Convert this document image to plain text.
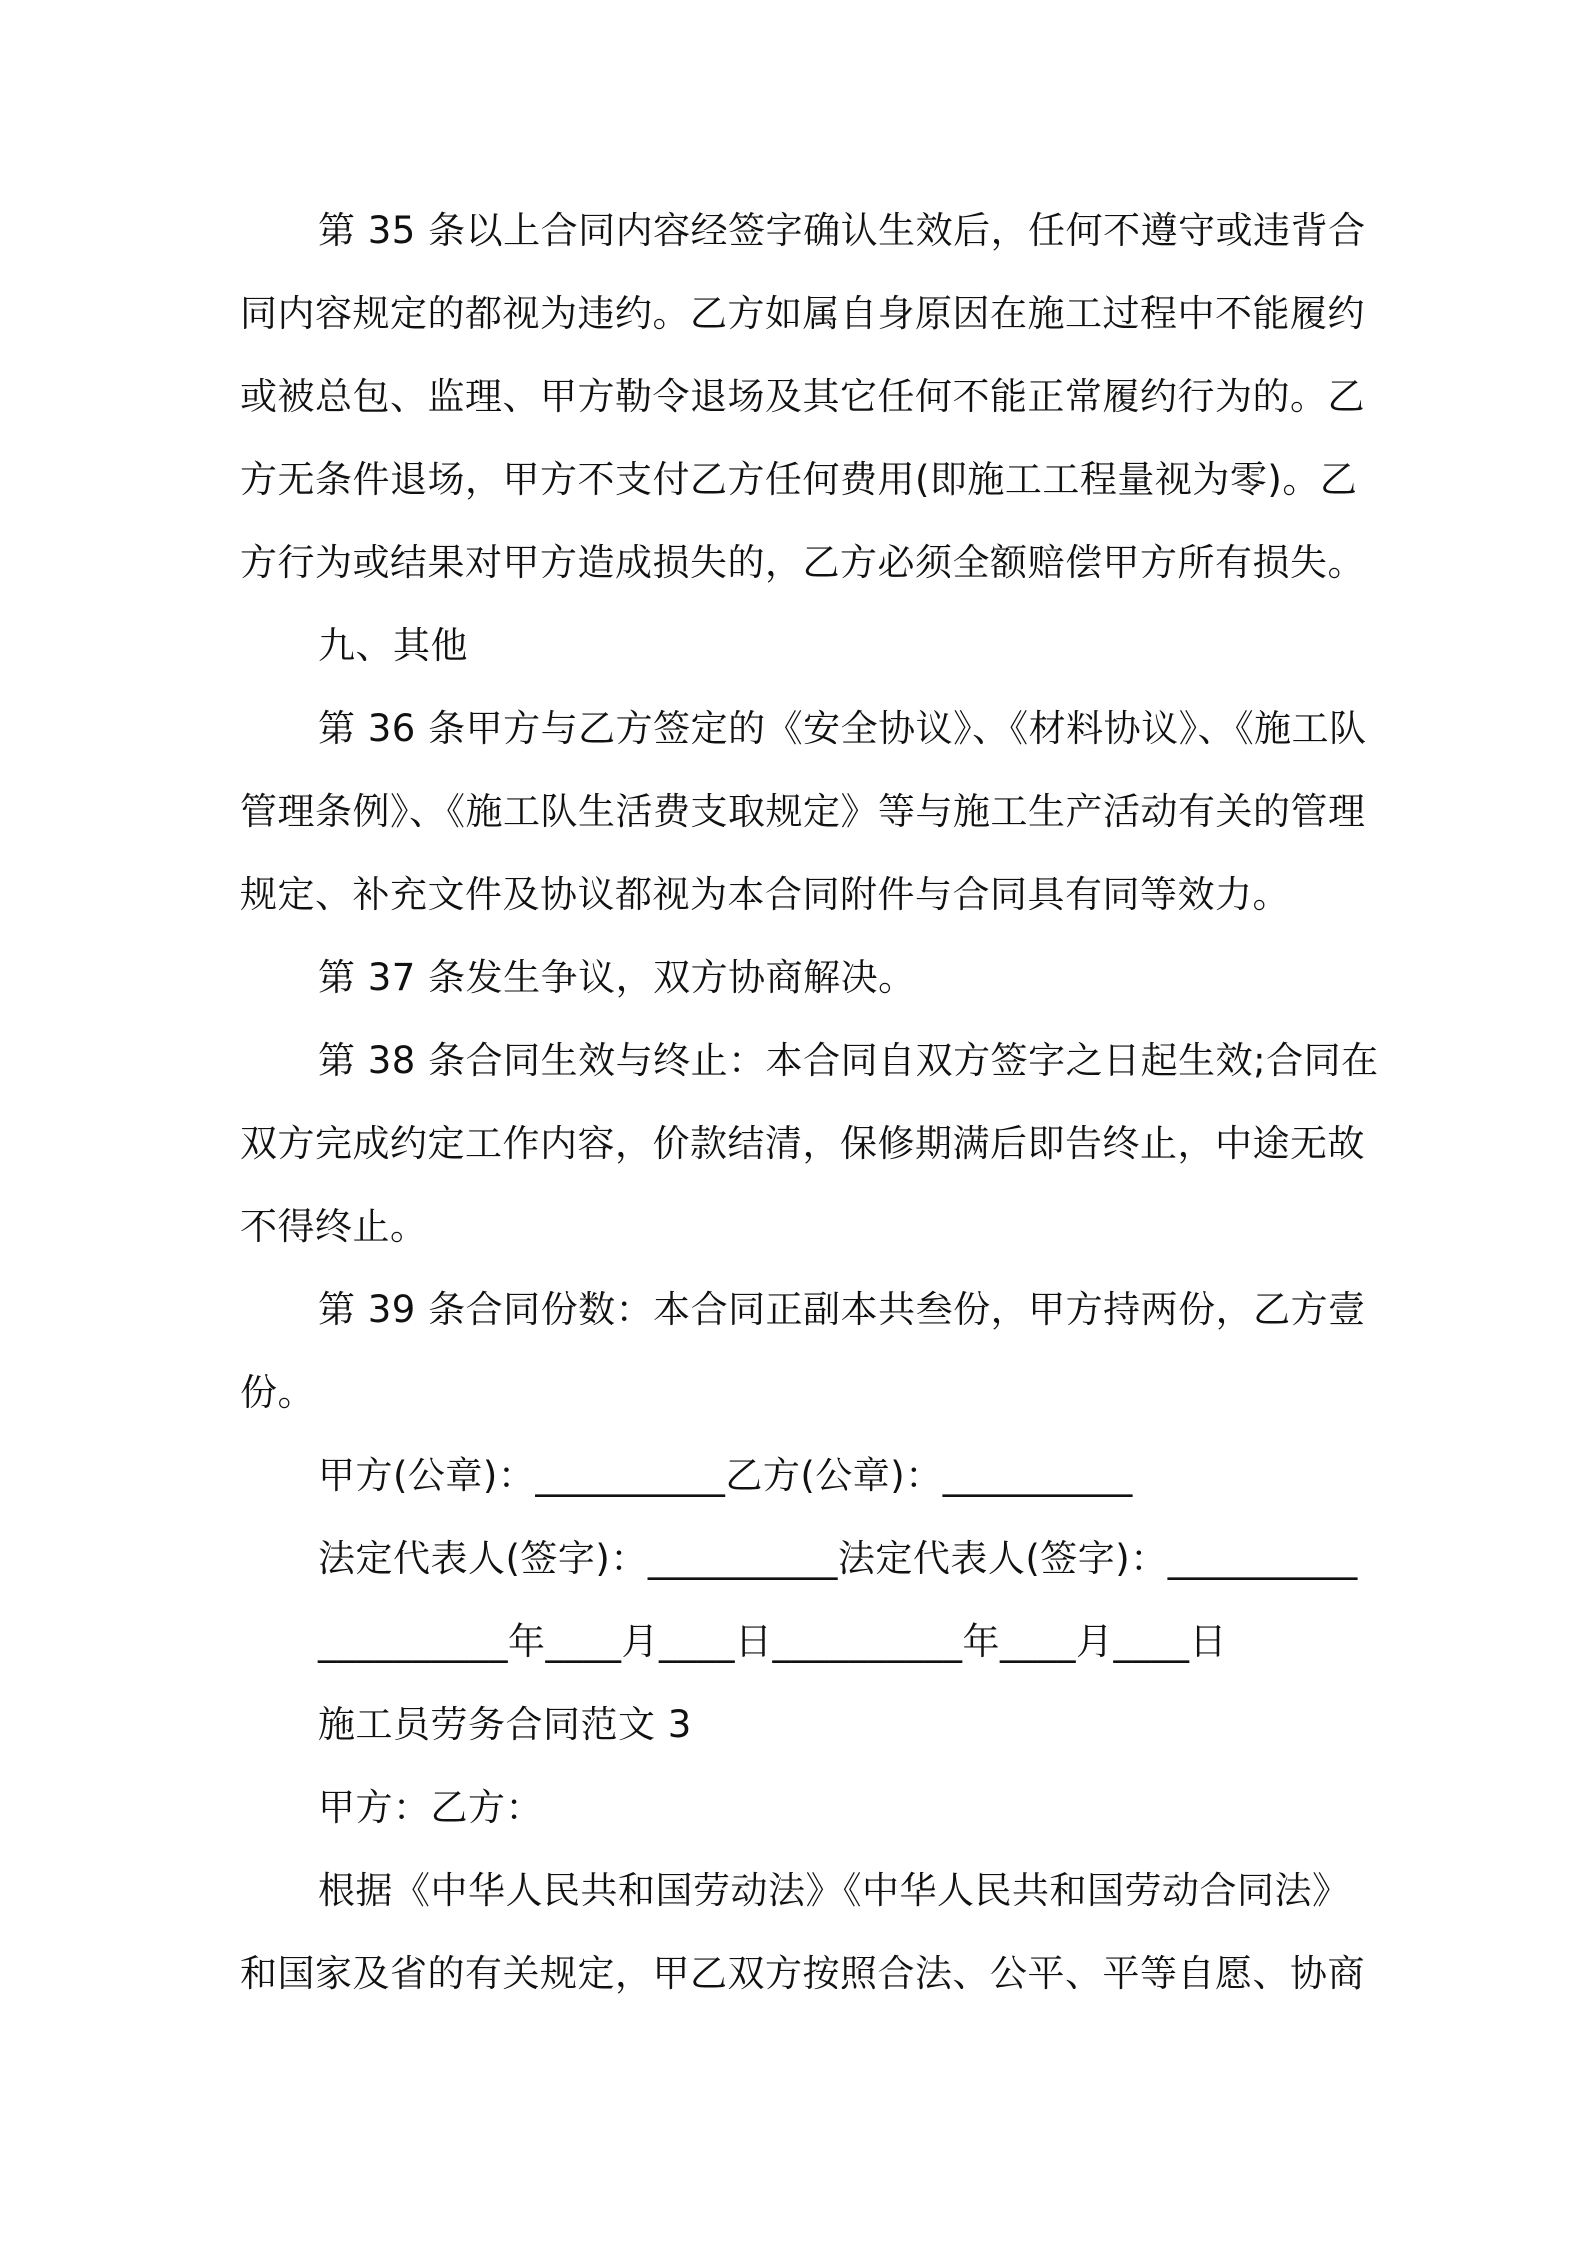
第 35 条以上合同内容经签字确认生效后，任何不遵守或违背合
同内容规定的都视为违约。乙方如属自身原因在施工过程中不能履约
或被总包、监理、甲方勒令退场及其它任何不能正常履约行为的。乙
方无条件退场，甲方不支付乙方任何费用(即施工工程量视为零)。乙
方行为或结果对甲方造成损失的，乙方必须全额赔偿甲方所有损失。
九、其他
第 36 条甲方与乙方签定的《安全协议》、《材料协议》、《施工队
管理条例》、《施工队生活费支取规定》等与施工生产活动有关的管理
规定、补充文件及协议都视为本合同附件与合同具有同等效力。
第 37 条发生争议，双方协商解决。
第 38 条合同生效与终止：本合同自双方签字之日起生效;合同在
双方完成约定工作内容，价款结清，保修期满后即告终止，中途无故
不得终止。
第 39 条合同份数：本合同正副本共叁份，甲方持两份，乙方壹
份。
甲方(公章)：__________乙方(公章)：__________
法定代表人(签字)：__________法定代表人(签字)：__________
__________年____月____日__________年____月____日
施工员劳务合同范文 3
甲方：乙方：
根据《中华人民共和国劳动法》《中华人民共和国劳动合同法》
和国家及省的有关规定，甲乙双方按照合法、公平、平等自愿、协商
